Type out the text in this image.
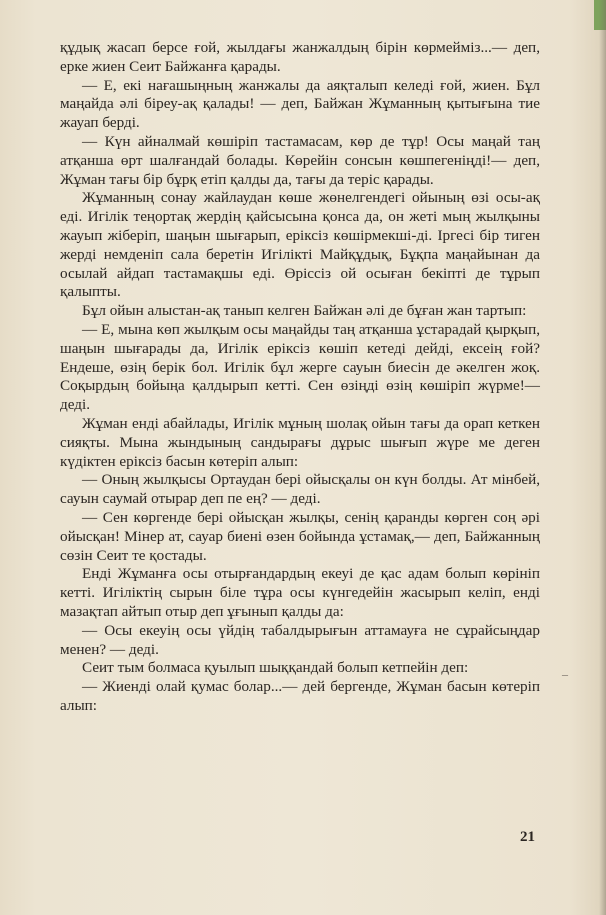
құдық жасап берсе ғой, жылдағы жанжалдың бірін көрмейміз...— деп, ерке жиен Сеит Байжанға қарады.

— Е, екі нағашыңның жанжалы да аяқталып келеді ғой, жиен. Бұл маңайда әлі біреу-ақ қалады! — деп, Байжан Жұманның қытығына тие жауап берді.

— Күн айналмай көшіріп тастамасам, көр де тұр! Осы маңай таң атқанша өрт шалғандай болады. Көрейін сонсын көшпегеніңді!— деп, Жұман тағы бір бұрқ етіп қалды да, тағы да теріс қарады.

Жұманның сонау жайлаудан көше жөнелгендегі ойының өзі осы-ақ еді. Игілік теңортақ жердің қайсысына қонса да, он жеті мың жылқыны жауып жіберіп, шаңын шығарып, еріксіз көшірмекші-ді. Іргесі бір тиген жерді немденіп сала беретін Игілікті Майқұдық, Бұқпа маңайынан да осылай айдап тастамақшы еді. Өріссіз ой осыған бекіпті де тұрып қалыпты.

Бұл ойын алыстан-ақ танып келген Байжан әлі де бұған жан тартып:

— Е, мына көп жылқым осы маңайды таң атқанша ұстарадай қырқып, шаңын шығарады да, Игілік еріксіз көшіп кетеді дейді, ексеің ғой? Ендеше, өзің берік бол. Игілік бұл жерге сауын биесін де әкелген жоқ. Соқырдың бойыңа қалдырып кетті. Сен өзіңді өзің көшіріп жүрме!— деді.

Жұман енді абайлады, Игілік мұның шолақ ойын тағы да орап кеткен сияқты. Мына жындының сандырағы дұрыс шығып жүре ме деген күдіктен еріксіз басын көтеріп алып:

— Оның жылқысы Ортаудан бері ойысқалы он күн болды. Ат мінбей, сауын саумай отырар деп пе ең? — деді.

— Сен көргенде бері ойысқан жылқы, сенің қаранды көрген соң әрі ойысқан! Мінер ат, сауар биені өзен бойында ұстамақ,— деп, Байжанның сөзін Сеит те қостады.

Енді Жұманға осы отырғандардың екеуі де қас адам болып көрініп кетті. Игіліктің сырын біле тұра осы күнгедейін жасырып келіп, енді мазақтап айтып отыр деп ұғынып қалды да:

— Осы екеуің осы үйдің табалдырығын аттамауға не сұрайсыңдар менен? — деді.

Сеит тым болмаса қуылып шыққандай болып кетпейін деп:

— Жиенді олай қумас болар...— дей бергенде, Жұман басын көтеріп алып:

–
21
